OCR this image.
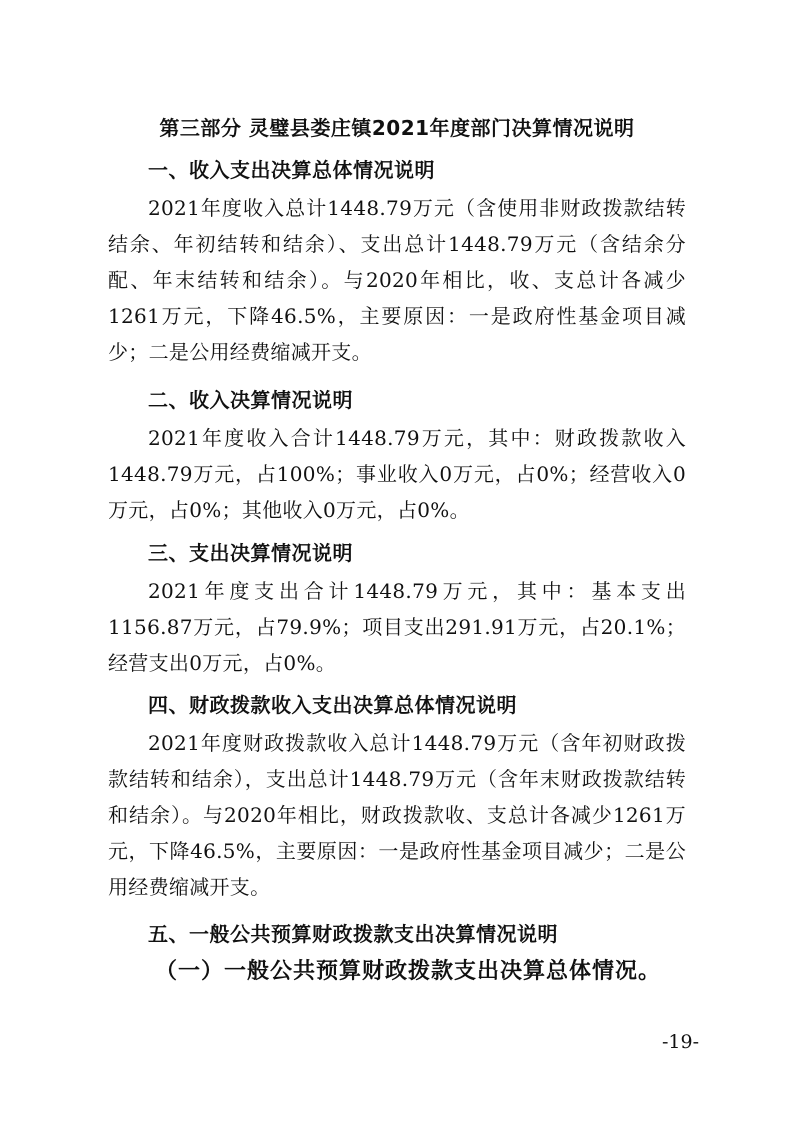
第三部分 灵璧县娄庄镇2021年度部门决算情况说明
一、收入支出决算总体情况说明

2021年度收入总计1448.79万元（含使用非财政拨款结转结余、年初结转和结余）、支出总计1448.79万元（含结余分配、年末结转和结余）。与2020年相比，收、支总计各减少1261万元，下降46.5%，主要原因：一是政府性基金项目减少；二是公用经费缩减开支。

二、收入决算情况说明

2021年度收入合计1448.79万元，其中：财政拨款收入1448.79万元，占100%；事业收入0万元，占0%；经营收入0万元，占0%；其他收入0万元，占0%。

三、支出决算情况说明

2021年度支出合计1448.79万元，其中：基本支出1156.87万元，占79.9%；项目支出291.91万元，占20.1%；经营支出0万元，占0%。

四、财政拨款收入支出决算总体情况说明

2021年度财政拨款收入总计1448.79万元（含年初财政拨款结转和结余），支出总计1448.79万元（含年末财政拨款结转和结余）。与2020年相比，财政拨款收、支总计各减少1261万元，下降46.5%，主要原因：一是政府性基金项目减少；二是公用经费缩减开支。

五、一般公共预算财政拨款支出决算情况说明
（一）一般公共预算财政拨款支出决算总体情况。
-19-
